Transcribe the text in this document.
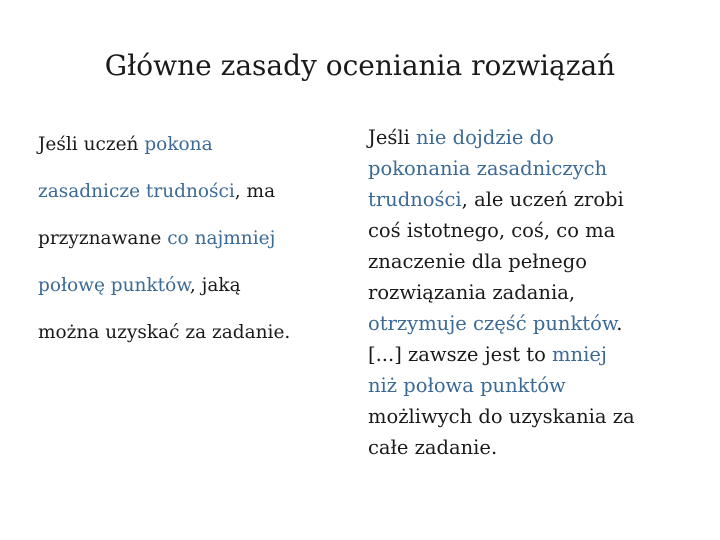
Główne zasady oceniania rozwiązań
Jeśli uczeń pokona
zasadnicze trudności, ma
przyznawane co najmniej
połowę punktów, jaką
można uzyskać za zadanie.
Jeśli nie dojdzie do
pokonania zasadniczych
trudności, ale uczeń zrobi
coś istotnego, coś, co ma
znaczenie dla pełnego
rozwiązania zadania,
otrzymuje część punktów.
[...] zawsze jest to mniej
niż połowa punktów
możliwych do uzyskania za
całe zadanie.
